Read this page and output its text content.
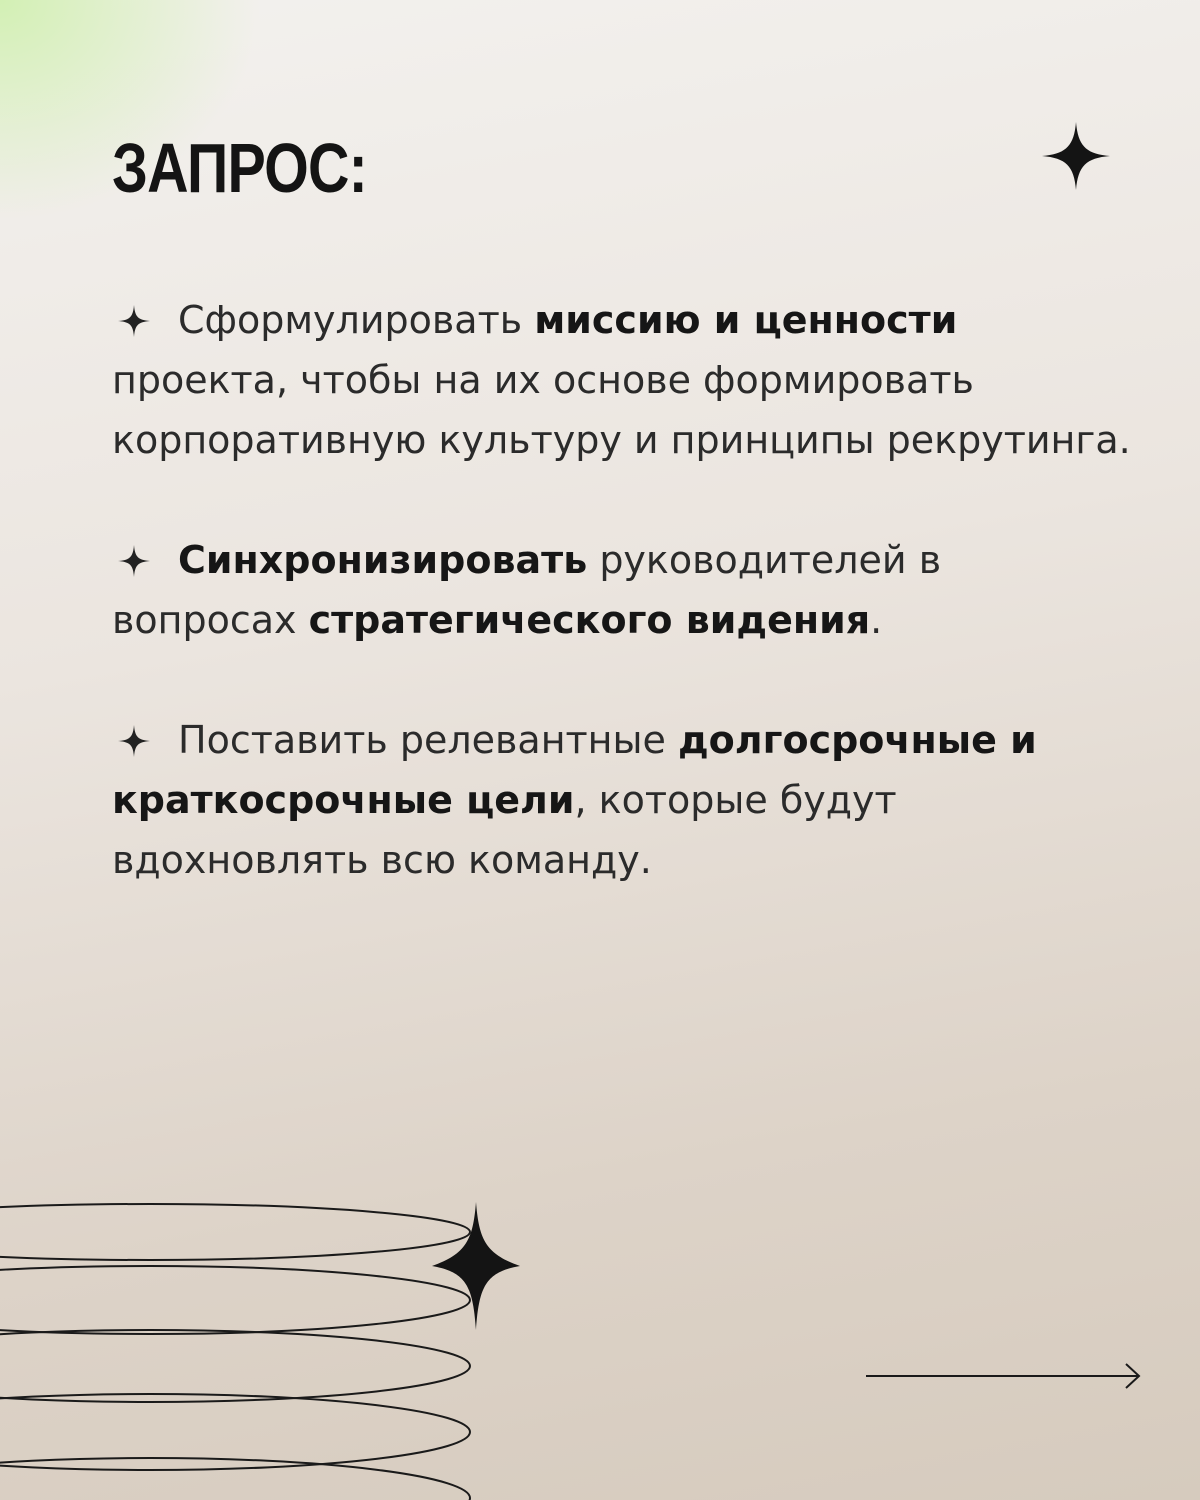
ЗАПРОС:

Сформулировать миссию и ценности проекта, чтобы на их основе формировать корпоративную культуру и принципы рекрутинга.

Синхронизировать руководителей в вопросах стратегического видения.

Поставить релевантные долгосрочные и краткосрочные цели, которые будут вдохновлять всю команду.
